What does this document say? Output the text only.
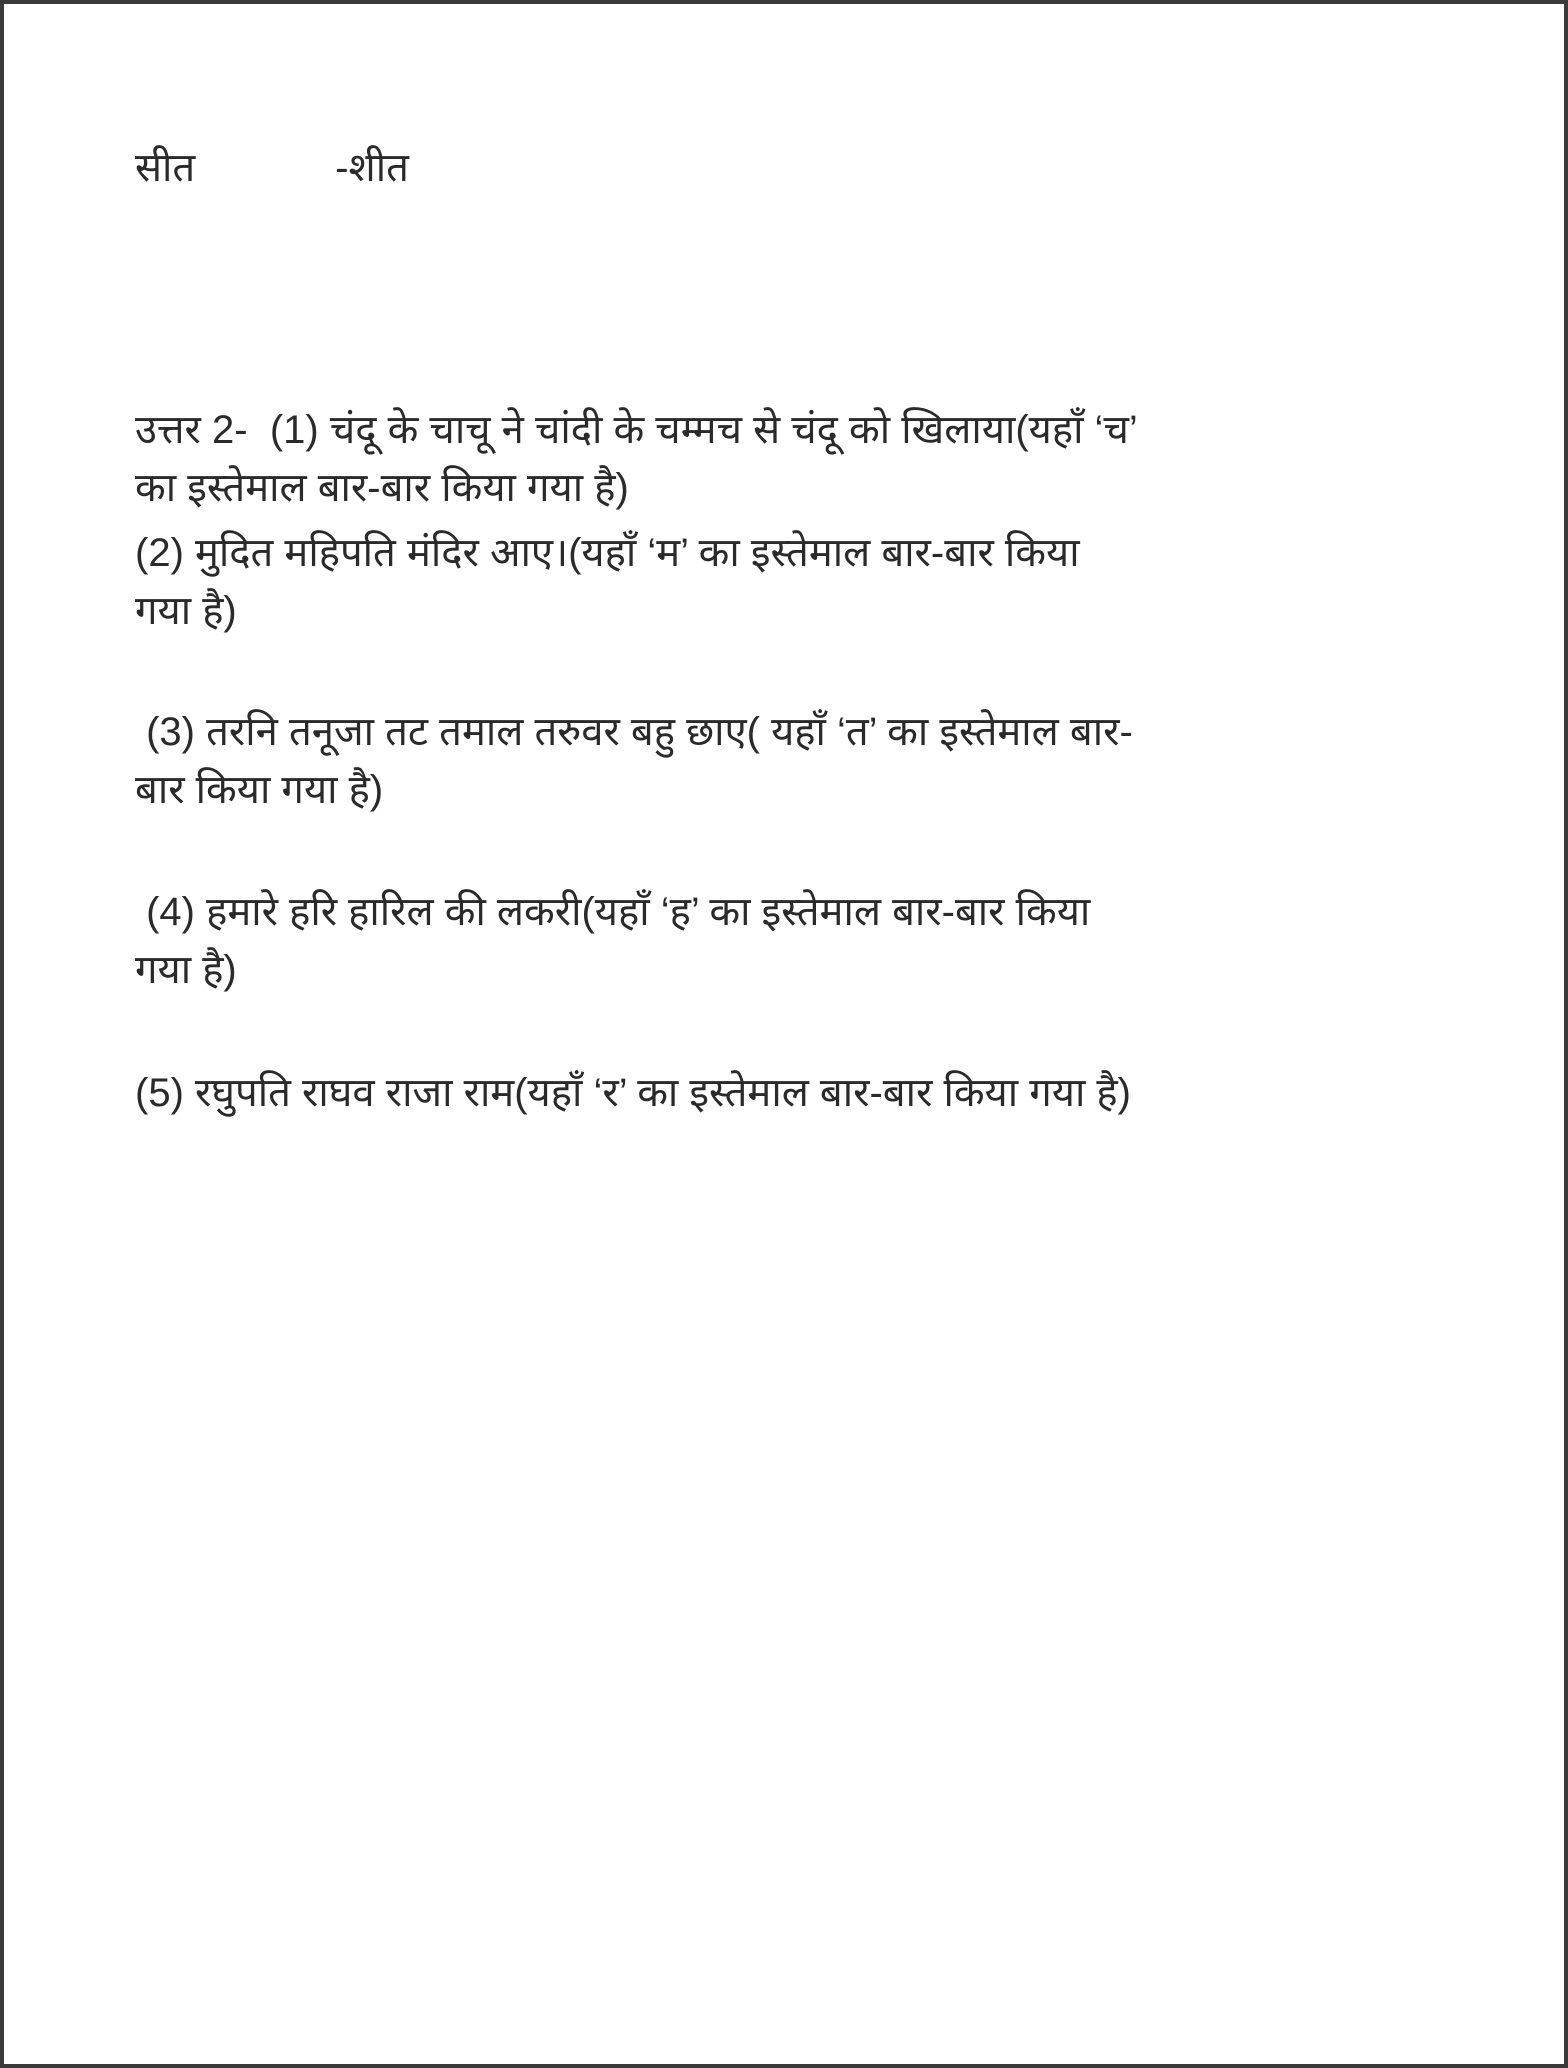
सीत	-शीत
उत्तर 2-  (1) चंदू के चाचू ने चांदी के चम्मच से चंदू को खिलाया(यहाँ ‘च’
का इस्तेमाल बार-बार किया गया है)
(2) मुदित महिपति मंदिर आए।(यहाँ ‘म’ का इस्तेमाल बार-बार किया
गया है)
(3) तरनि तनूजा तट तमाल तरुवर बहु छाए( यहाँ ‘त’ का इस्तेमाल बार-
बार किया गया है)
(4) हमारे हरि हारिल की लकरी(यहाँ ‘ह’ का इस्तेमाल बार-बार किया
गया है)
(5) रघुपति राघव राजा राम(यहाँ ‘र’ का इस्तेमाल बार-बार किया गया है)
